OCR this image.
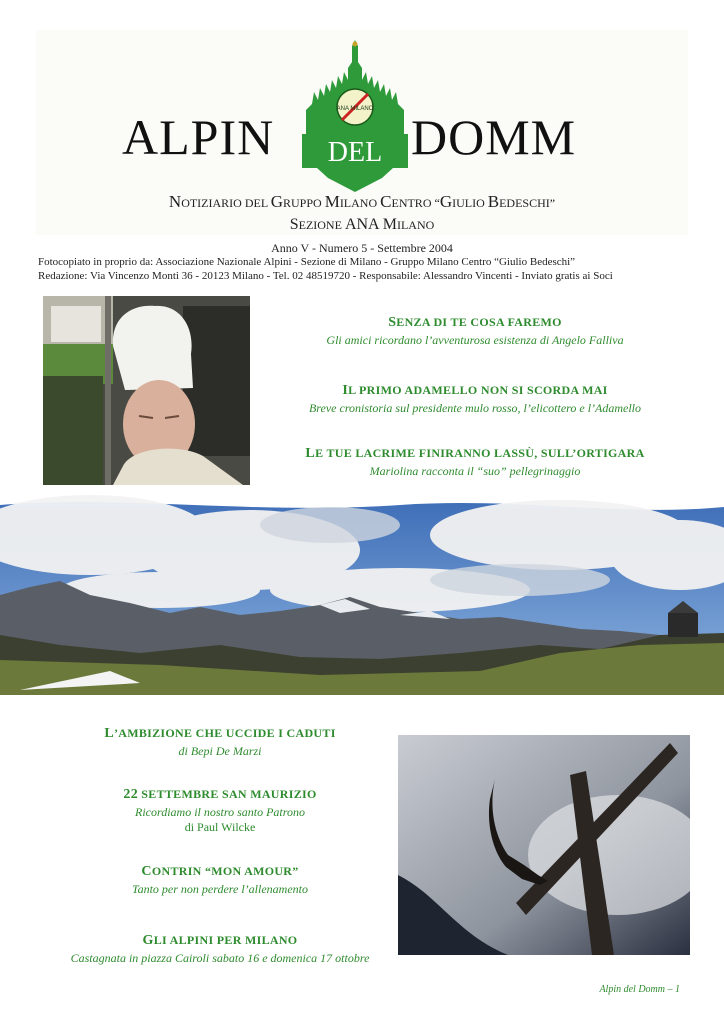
ALPIN	DOMM
ANA MILANO
DEL
NOTIZIARIO DEL GRUPPO MILANO CENTRO “GIULIO BEDESCHI”
SEZIONE ANA MILANO
Anno V - Numero 5 - Settembre 2004
Fotocopiato in proprio da: Associazione Nazionale Alpini - Sezione di Milano - Gruppo Milano Centro “Giulio Bedeschi”
Redazione: Via Vincenzo Monti 36 - 20123 Milano - Tel. 02 48519720 - Responsabile: Alessandro Vincenti - Inviato gratis ai Soci
SENZA DI TE COSA FAREMO
Gli amici ricordano l’avventurosa esistenza di Angelo Falliva
IL PRIMO ADAMELLO NON SI SCORDA MAI
Breve cronistoria sul presidente mulo rosso, l’elicottero e l’Adamello
LE TUE LACRIME FINIRANNO LASSÙ, SULL’ORTIGARA
Mariolina racconta il “suo” pellegrinaggio
L’AMBIZIONE CHE UCCIDE I CADUTI
di Bepi De Marzi
22 SETTEMBRE SAN MAURIZIO
Ricordiamo il nostro santo Patrono
di Paul Wilcke
CONTRIN “MON AMOUR”
Tanto per non perdere l’allenamento
GLI ALPINI PER MILANO
Castagnata in piazza Cairoli sabato 16 e domenica 17 ottobre
Alpin del Domm – 1
